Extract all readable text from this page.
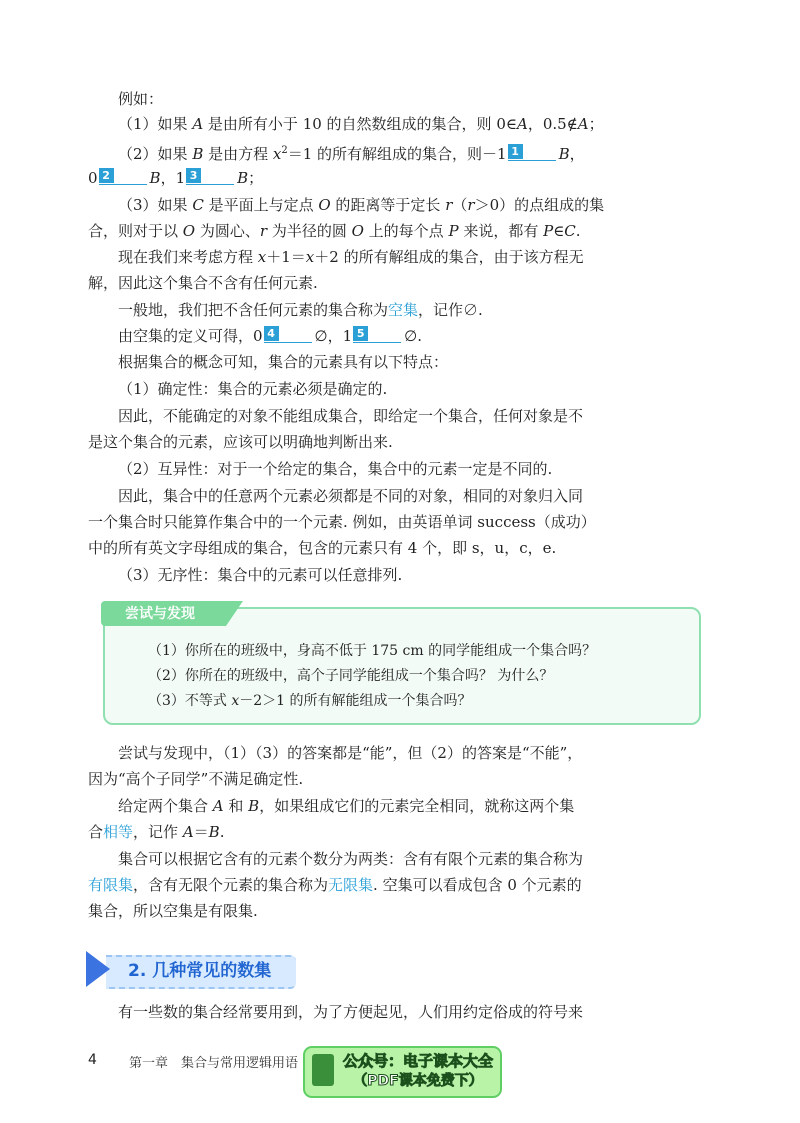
例如：
（1）如果 A 是由所有小于 10 的自然数组成的集合，则 0∈A，0.5∉A；
（2）如果 B 是由方程 $x^2=1$ 的所有解组成的集合，则－1 1	B，
0 2	B，1 3	B；
（3）如果 C 是平面上与定点 O 的距离等于定长 r（r＞0）的点组成的集
合，则对于以 O 为圆心、r 为半径的圆 O 上的每个点 P 来说，都有 P∈C.
现在我们来考虑方程 x＋1＝x＋2 的所有解组成的集合，由于该方程无
解，因此这个集合不含有任何元素.
一般地，我们把不含任何元素的集合称为空集，记作∅.
由空集的定义可得，0 4	∅，1 5	∅.
根据集合的概念可知，集合的元素具有以下特点：
（1）确定性：集合的元素必须是确定的.
因此，不能确定的对象不能组成集合，即给定一个集合，任何对象是不
是这个集合的元素，应该可以明确地判断出来.
（2）互异性：对于一个给定的集合，集合中的元素一定是不同的.
因此，集合中的任意两个元素必须都是不同的对象，相同的对象归入同
一个集合时只能算作集合中的一个元素. 例如，由英语单词 success（成功）
中的所有英文字母组成的集合，包含的元素只有 4 个，即 s，u，c，e.
（3）无序性：集合中的元素可以任意排列.
尝试与发现
（1）你所在的班级中，身高不低于 175 cm 的同学能组成一个集合吗？
（2）你所在的班级中，高个子同学能组成一个集合吗？ 为什么？
（3）不等式 x－2＞1 的所有解能组成一个集合吗？
尝试与发现中，（1）（3）的答案都是“能”，但（2）的答案是“不能”，
因为“高个子同学”不满足确定性.
给定两个集合 A 和 B，如果组成它们的元素完全相同，就称这两个集
合相等，记作 A＝B.
集合可以根据它含有的元素个数分为两类：含有有限个元素的集合称为
有限集，含有无限个元素的集合称为无限集. 空集可以看成包含 0 个元素的
集合，所以空集是有限集.
2. 几种常见的数集
有一些数的集合经常要用到，为了方便起见，人们用约定俗成的符号来
4 第一章　集合与常用逻辑用语	公众号：电子课本大全
（PDF课本免费下）
